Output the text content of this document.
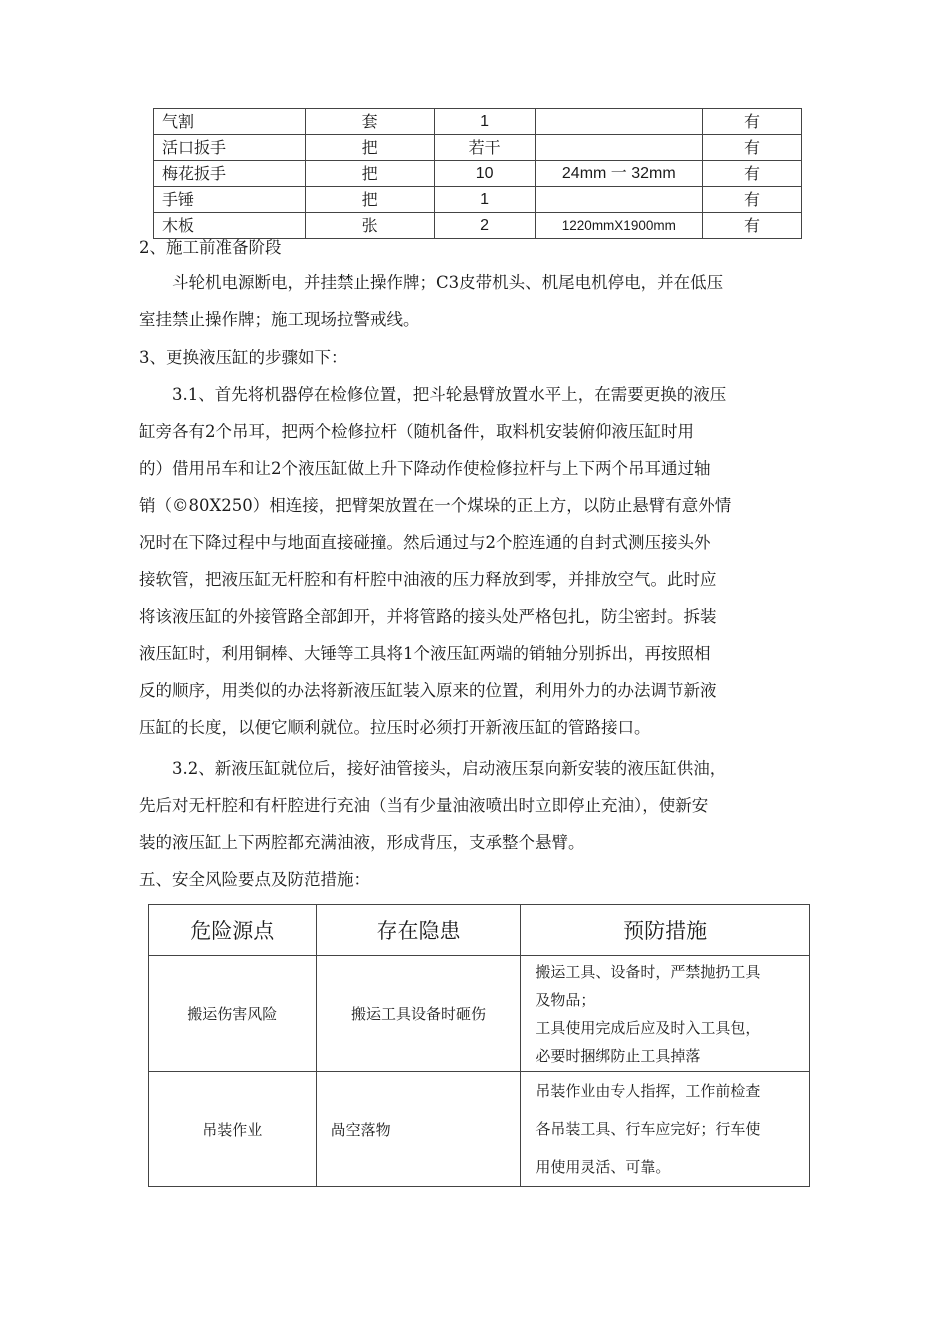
气割	套	1		有
活口扳手	把	若干		有
梅花扳手	把	10	24mm 一 32mm	有
手锤	把	1		有
木板	张	2	1220mmX1900mm	有

2、施工前准备阶段

　　斗轮机电源断电，并挂禁止操作牌；C3皮带机头、机尾电机停电，并在低压
室挂禁止操作牌；施工现场拉警戒线。

3、更换液压缸的步骤如下：

　　3.1、首先将机器停在检修位置，把斗轮悬臂放置水平上，在需要更换的液压
缸旁各有2个吊耳，把两个检修拉杆（随机备件，取料机安装俯仰液压缸时用
的）借用吊车和让2个液压缸做上升下降动作使检修拉杆与上下两个吊耳通过轴
销（©80X250）相连接，把臂架放置在一个煤垛的正上方，以防止悬臂有意外情
况时在下降过程中与地面直接碰撞。然后通过与2个腔连通的自封式测压接头外
接软管，把液压缸无杆腔和有杆腔中油液的压力释放到零，并排放空气。此时应
将该液压缸的外接管路全部卸开，并将管路的接头处严格包扎，防尘密封。拆装
液压缸时，利用铜棒、大锤等工具将1个液压缸两端的销轴分别拆出，再按照相
反的顺序，用类似的办法将新液压缸装入原来的位置，利用外力的办法调节新液
压缸的长度，以便它顺利就位。拉压时必须打开新液压缸的管路接口。
　　3.2、新液压缸就位后，接好油管接头，启动液压泵向新安装的液压缸供油，
先后对无杆腔和有杆腔进行充油（当有少量油液喷出时立即停止充油），使新安
装的液压缸上下两腔都充满油液，形成背压，支承整个悬臂。

五、安全风险要点及防范措施：

危险源点	存在隐患	预防措施
搬运伤害风险	搬运工具设备时砸伤	搬运工具、设备时，严禁抛扔工具
及物品；
工具使用完成后应及时入工具包，
必要时捆绑防止工具掉落

吊装作业	咼空落物	吊装作业由专人指挥，工作前检查
各吊装工具、行车应完好；行车使
用使用灵活、可靠。
